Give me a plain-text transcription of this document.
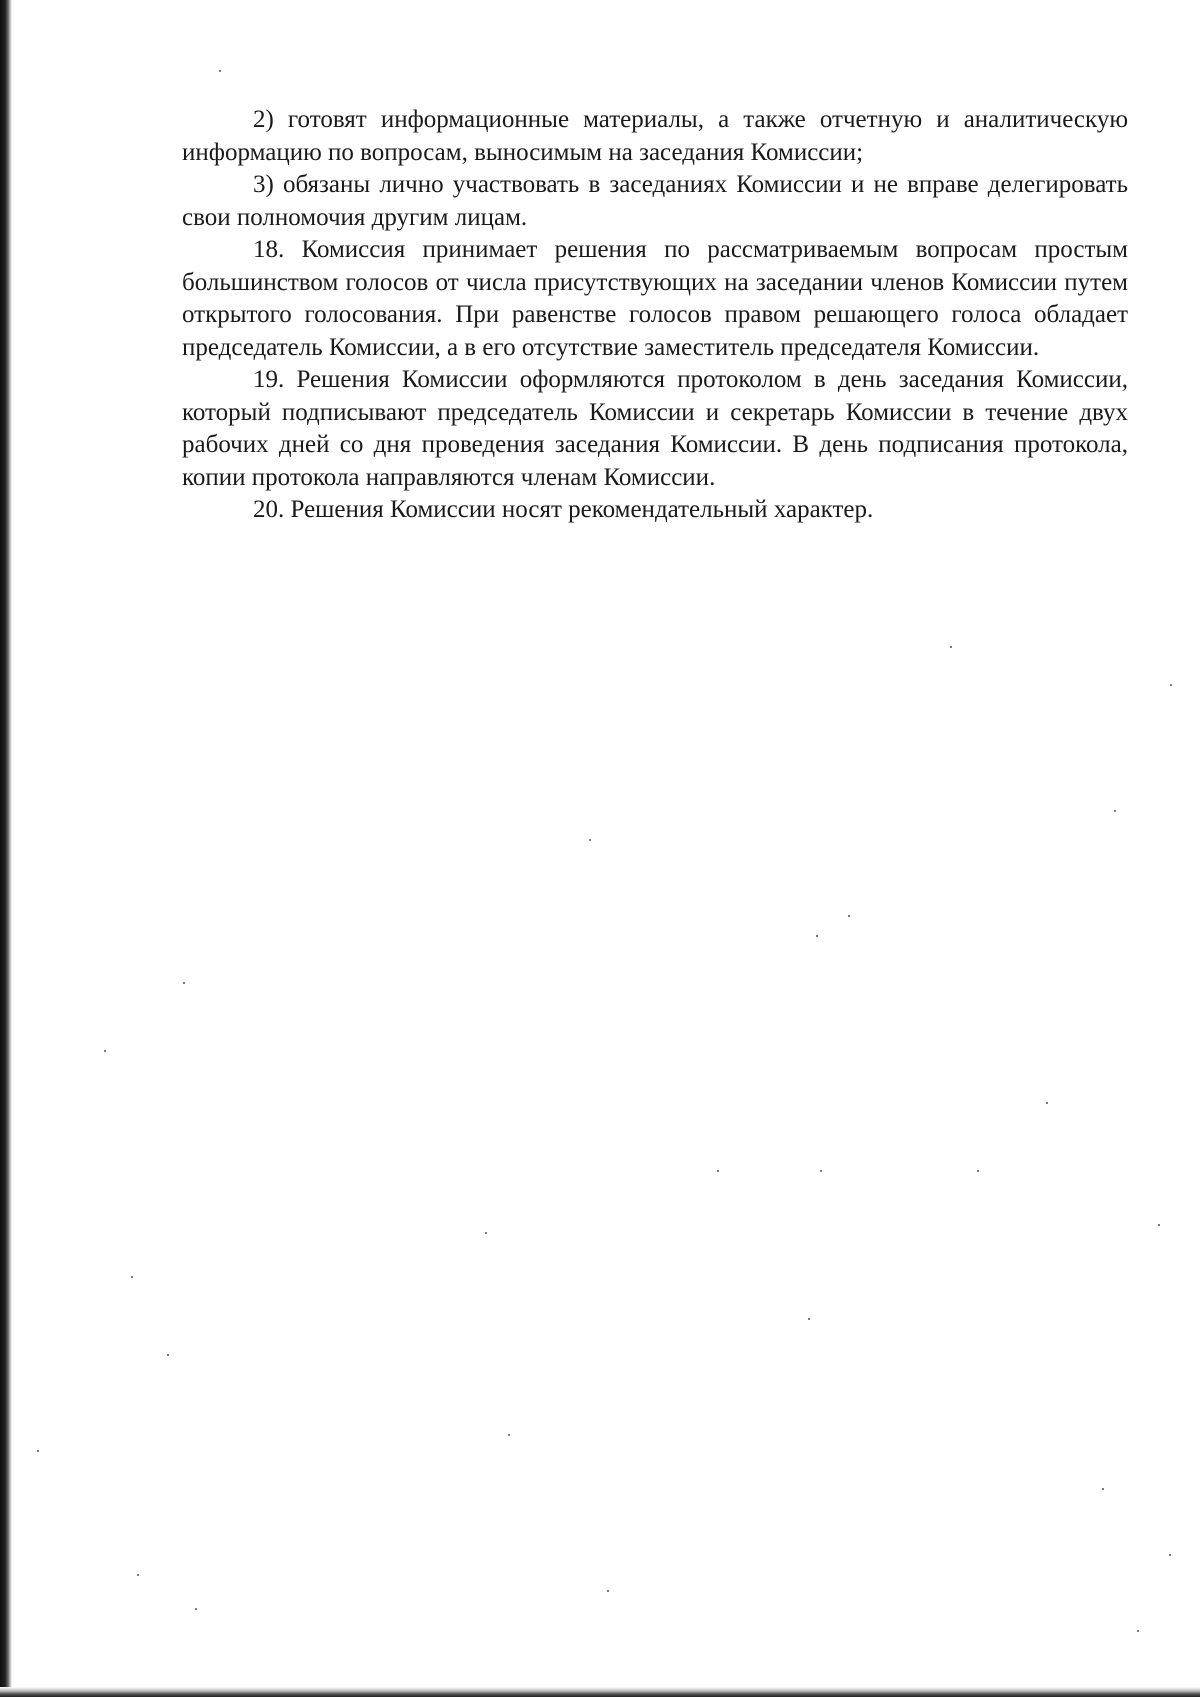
2) готовят информационные материалы, а также отчетную и аналитическую информацию по вопросам, выносимым на заседания Комиссии;

3) обязаны лично участвовать в заседаниях Комиссии и не вправе делегировать свои полномочия другим лицам.

18. Комиссия принимает решения по рассматриваемым вопросам простым большинством голосов от числа присутствующих на заседании членов Комиссии путем открытого голосования. При равенстве голосов правом решающего голоса обладает председатель Комиссии, а в его отсутствие заместитель председателя Комиссии.

19. Решения Комиссии оформляются протоколом в день заседания Комиссии, который подписывают председатель Комиссии и секретарь Комиссии в течение двух рабочих дней со дня проведения заседания Комиссии. В день подписания протокола, копии протокола направляются членам Комиссии.

20. Решения Комиссии носят рекомендательный характер.
